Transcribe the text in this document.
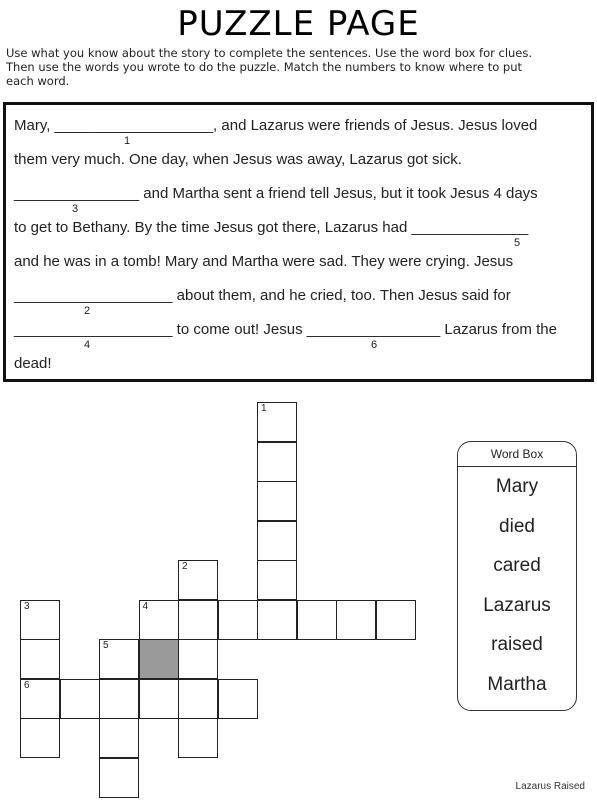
PUZZLE PAGE
Use what you know about the story to complete the sentences. Use the word box for clues.
Then use the words you wrote to do the puzzle. Match the numbers to know where to put
each word.
Mary, ___________________, and Lazarus were friends of Jesus. Jesus loved
1
them very much. One day, when Jesus was away, Lazarus got sick.
_______________ and Martha sent a friend tell Jesus, but it took Jesus 4 days
3
to get to Bethany. By the time Jesus got there, Lazarus had ______________
5
and he was in a tomb! Mary and Martha were sad. They were crying. Jesus
___________________ about them, and he cried, too. Then Jesus said for
2
___________________ to come out! Jesus ________________ Lazarus from the
4	6
dead!
1
2
3	4
5
6
Word Box
Mary
died
cared
Lazarus
raised
Martha
Lazarus Raised
